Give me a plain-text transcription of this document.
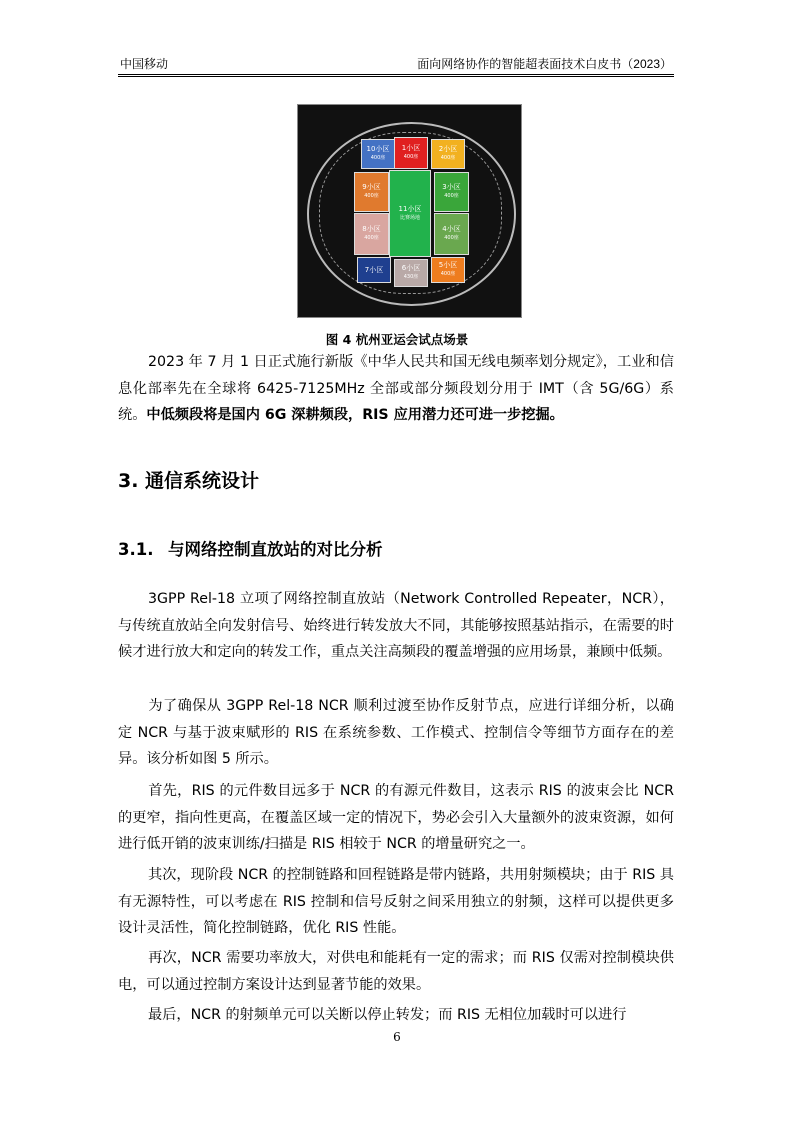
中国移动	面向网络协作的智能超表面技术白皮书（2023）
10小区
400座
1小区
400座
2小区
400座
9小区
400座
11小区
比赛场地
3小区
400座
8小区
400座
4小区
400座
7小区	6小区
430座
5小区
400座
图 4 杭州亚运会试点场景
2023 年 7 月 1 日正式施行新版《中华人民共和国无线电频率划分规定》，工业和信息化部率先在全球将 6425-7125MHz 全部或部分频段划分用于 IMT（含 5G/6G）系统。中低频段将是国内 6G 深耕频段，RIS 应用潜力还可进一步挖掘。
3. 通信系统设计
3.1. 与网络控制直放站的对比分析
3GPP Rel-18 立项了网络控制直放站（Network Controlled Repeater，NCR），与传统直放站全向发射信号、始终进行转发放大不同，其能够按照基站指示，在需要的时候才进行放大和定向的转发工作，重点关注高频段的覆盖增强的应用场景，兼顾中低频。
为了确保从 3GPP Rel-18 NCR 顺利过渡至协作反射节点，应进行详细分析，以确定 NCR 与基于波束赋形的 RIS 在系统参数、工作模式、控制信令等细节方面存在的差异。该分析如图 5 所示。
首先，RIS 的元件数目远多于 NCR 的有源元件数目，这表示 RIS 的波束会比 NCR 的更窄，指向性更高，在覆盖区域一定的情况下，势必会引入大量额外的波束资源，如何进行低开销的波束训练/扫描是 RIS 相较于 NCR 的增量研究之一。
其次，现阶段 NCR 的控制链路和回程链路是带内链路，共用射频模块；由于 RIS 具有无源特性，可以考虑在 RIS 控制和信号反射之间采用独立的射频，这样可以提供更多设计灵活性，简化控制链路，优化 RIS 性能。
再次，NCR 需要功率放大，对供电和能耗有一定的需求；而 RIS 仅需对控制模块供电，可以通过控制方案设计达到显著节能的效果。
最后，NCR 的射频单元可以关断以停止转发；而 RIS 无相位加载时可以进行
6
